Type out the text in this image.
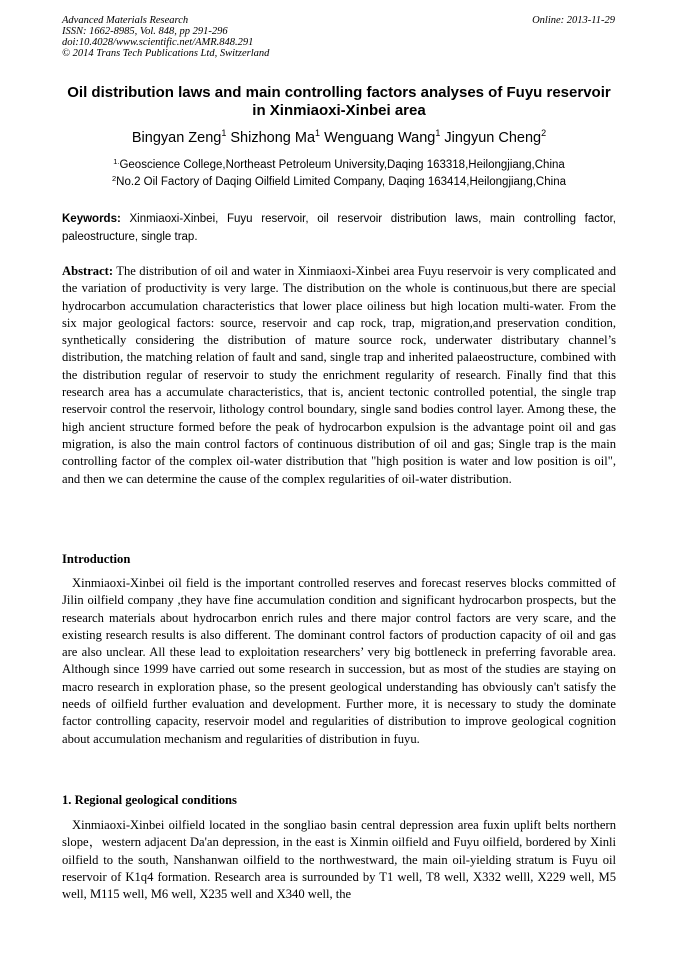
Advanced Materials Research
ISSN: 1662-8985, Vol. 848, pp 291-296
doi:10.4028/www.scientific.net/AMR.848.291
© 2014 Trans Tech Publications Ltd, Switzerland
Online: 2013-11-29
Oil distribution laws and main controlling factors analyses of Fuyu reservoir in Xinmiaoxi-Xinbei area
Bingyan Zeng$^1$ Shizhong Ma$^1$ Wenguang Wang$^1$ Jingyun Cheng$^2$
$^{1.}$Geoscience College,Northeast Petroleum University,Daqing 163318,Heilongjiang,China
$^2$No.2 Oil Factory of Daqing Oilfield Limited Company, Daqing 163414,Heilongjiang,China
Keywords: Xinmiaoxi-Xinbei, Fuyu reservoir, oil reservoir distribution laws, main controlling factor, paleostructure, single trap.
Abstract: The distribution of oil and water in Xinmiaoxi-Xinbei area Fuyu reservoir is very complicated and the variation of productivity is very large. The distribution on the whole is continuous,but there are special hydrocarbon accumulation characteristics that lower place oiliness but high location multi-water. From the six major geological factors: source, reservoir and cap rock, trap, migration,and preservation condition, synthetically considering the distribution of mature source rock, underwater distributary channel’s distribution, the matching relation of fault and sand, single trap and inherited palaeostructure, combined with the distribution regular of reservoir to study the enrichment regularity of research. Finally find that this research area has a accumulate characteristics, that is, ancient tectonic controlled potential, the single trap reservoir control the reservoir, lithology control boundary, single sand bodies control layer. Among these, the high ancient structure formed before the peak of hydrocarbon expulsion is the advantage point oil and gas migration, is also the main control factors of continuous distribution of oil and gas; Single trap is the main controlling factor of the complex oil-water distribution that "high position is water and low position is oil", and then we can determine the cause of the complex regularities of oil-water distribution.
Introduction
Xinmiaoxi-Xinbei oil field is the important controlled reserves and forecast reserves blocks committed of Jilin oilfield company ,they have fine accumulation condition and significant hydrocarbon prospects, but the research materials about hydrocarbon enrich rules and there major control factors are very scare, and the existing research results is also different. The dominant control factors of production capacity of oil and gas are also unclear. All these lead to exploitation researchers’ very big bottleneck in preferring favorable area. Although since 1999 have carried out some research in succession, but as most of the studies are staying on macro research in exploration phase, so the present geological understanding has obviously can't satisfy the needs of oilfield further evaluation and development. Further more, it is necessary to study the dominate factor controlling capacity, reservoir model and regularities of distribution to improve geological cognition about accumulation mechanism and regularities of distribution in fuyu.
1. Regional geological conditions
Xinmiaoxi-Xinbei oilfield located in the songliao basin central depression area fuxin uplift belts northern slope，western adjacent Da'an depression, in the east is Xinmin oilfield and Fuyu oilfield, bordered by Xinli oilfield to the south, Nanshanwan oilfield to the northwestward, the main oil-yielding stratum is Fuyu oil reservoir of K1q4 formation. Research area is surrounded by T1 well, T8 well, X332 welll, X229 well, M5 well, M115 well, M6 well, X235 well and X340 well, the
